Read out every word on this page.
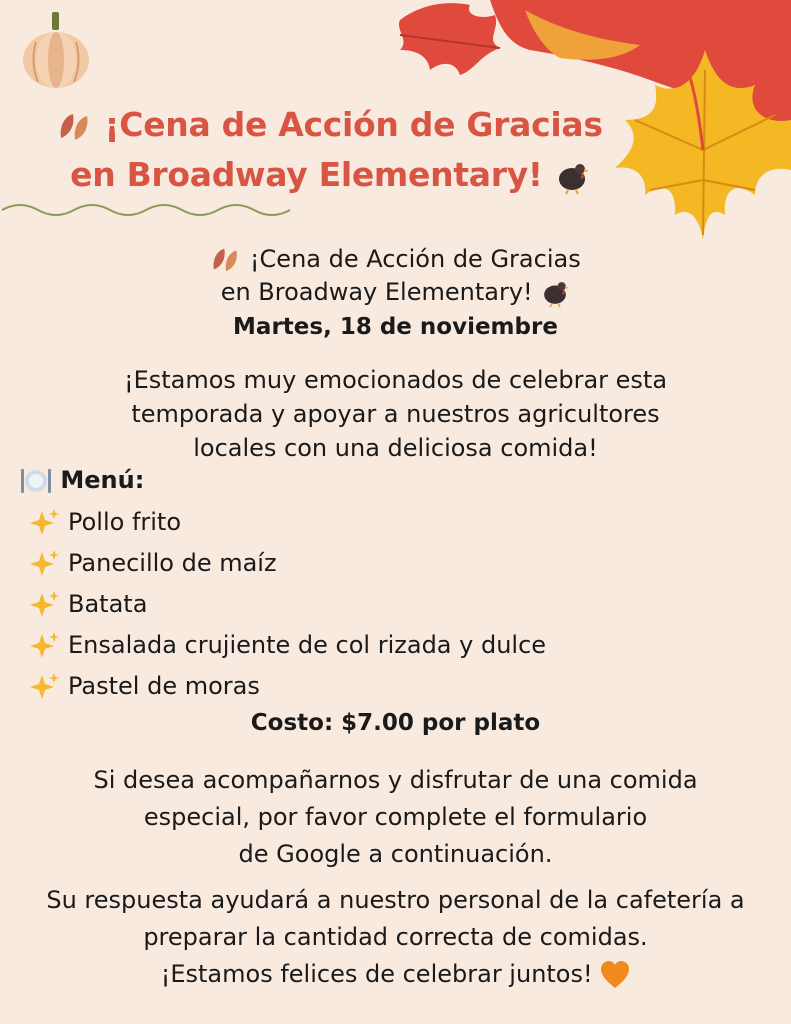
¡Cena de Acción de Gracias
en Broadway Elementary!
¡Cena de Acción de Gracias
en Broadway Elementary!
Martes, 18 de noviembre
¡Estamos muy emocionados de celebrar esta
temporada y apoyar a nuestros agricultores
locales con una deliciosa comida!
Menú:
Pollo frito
Panecillo de maíz
Batata
Ensalada crujiente de col rizada y dulce
Pastel de moras
Costo: $7.00 por plato
Si desea acompañarnos y disfrutar de una comida
especial, por favor complete el formulario
de Google a continuación.
Su respuesta ayudará a nuestro personal de la cafetería a
preparar la cantidad correcta de comidas.
¡Estamos felices de celebrar juntos!
